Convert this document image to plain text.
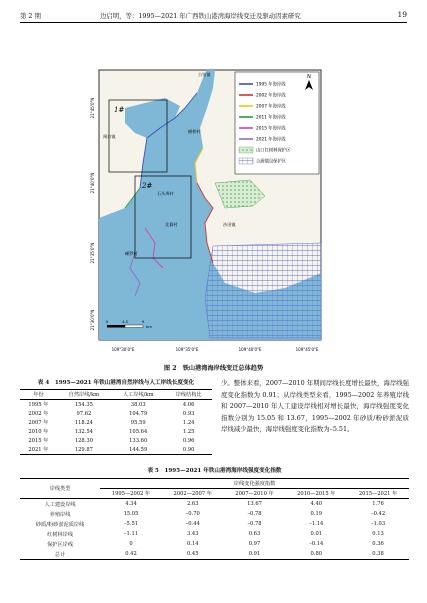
第 2 期	边启明，等：1995—2021 年广西铁山港湾海岸线变迁及驱动因素研究	19
1#
2#
公馆镇
闸口镇
横桥村
石头埠村
北暮村	沙田镇
嵊罗村
21°45'0"N
21°40'0"N
21°35'0"N
21°30'0"N
109°30'0"E	109°35'0"E	109°40'0"E	109°45'0"E
0	4.5	9
km
N
1995 年海岸线
2002 年海岸线
2007 年海岸线
2011 年海岸线
2015 年海岸线
2021 年海岸线
山口红树林保护区
合浦儒艮保护区
图 2　铁山港湾海岸线变迁总体趋势
表 4　1995—2021 年铁山港湾自然岸线与人工岸线长度变化
年份	自然岸线/km	人工岸线/km	岸线结构比
1995 年	154.35	38.03	4.06
2002 年	97.62	104.79	0.93
2007 年	118.24	95.59	1.24
2010 年	132.54	105.64	1.25
2015 年	128.30	133.60	0.96
2021 年	129.87	144.59	0.90
少。整体来看，2007—2010 年期间岸线长度增长最快，海岸线强度变化指数为 0.91；从岸线类型来看，1995—2002 年养殖岸线和 2007—2010 年人工建设岸线相对增长最快，海岸线强度变化指数分别为 15.05 和 13.67，1995—2002 年砂质/粉砂淤泥质岸线减少最快，海岸线强度变化指数为–5.51。
表 5　1995—2021 年铁山港湾海岸线强度变化指数
岸线类型	岸线变化强度指数				
	1995—2002 年	2002—2007 年	2007—2010 年	2010—2015 年	2015—2021 年
人工建设岸线	4.34	2.63	13.67	4.40	1.76
养殖岸线	15.05	–0.70	–0.78	0.19	–0.42
砂质/粉砂淤泥质岸线	–5.51	–0.44	–0.78	–1.14	–1.03
红树林岸线	–1.11	3.43	0.63	0.01	0.13
保护区岸线	0	0.14	0.97	–0.14	0.36
总计	0.42	0.45	0.91	0.80	0.38
